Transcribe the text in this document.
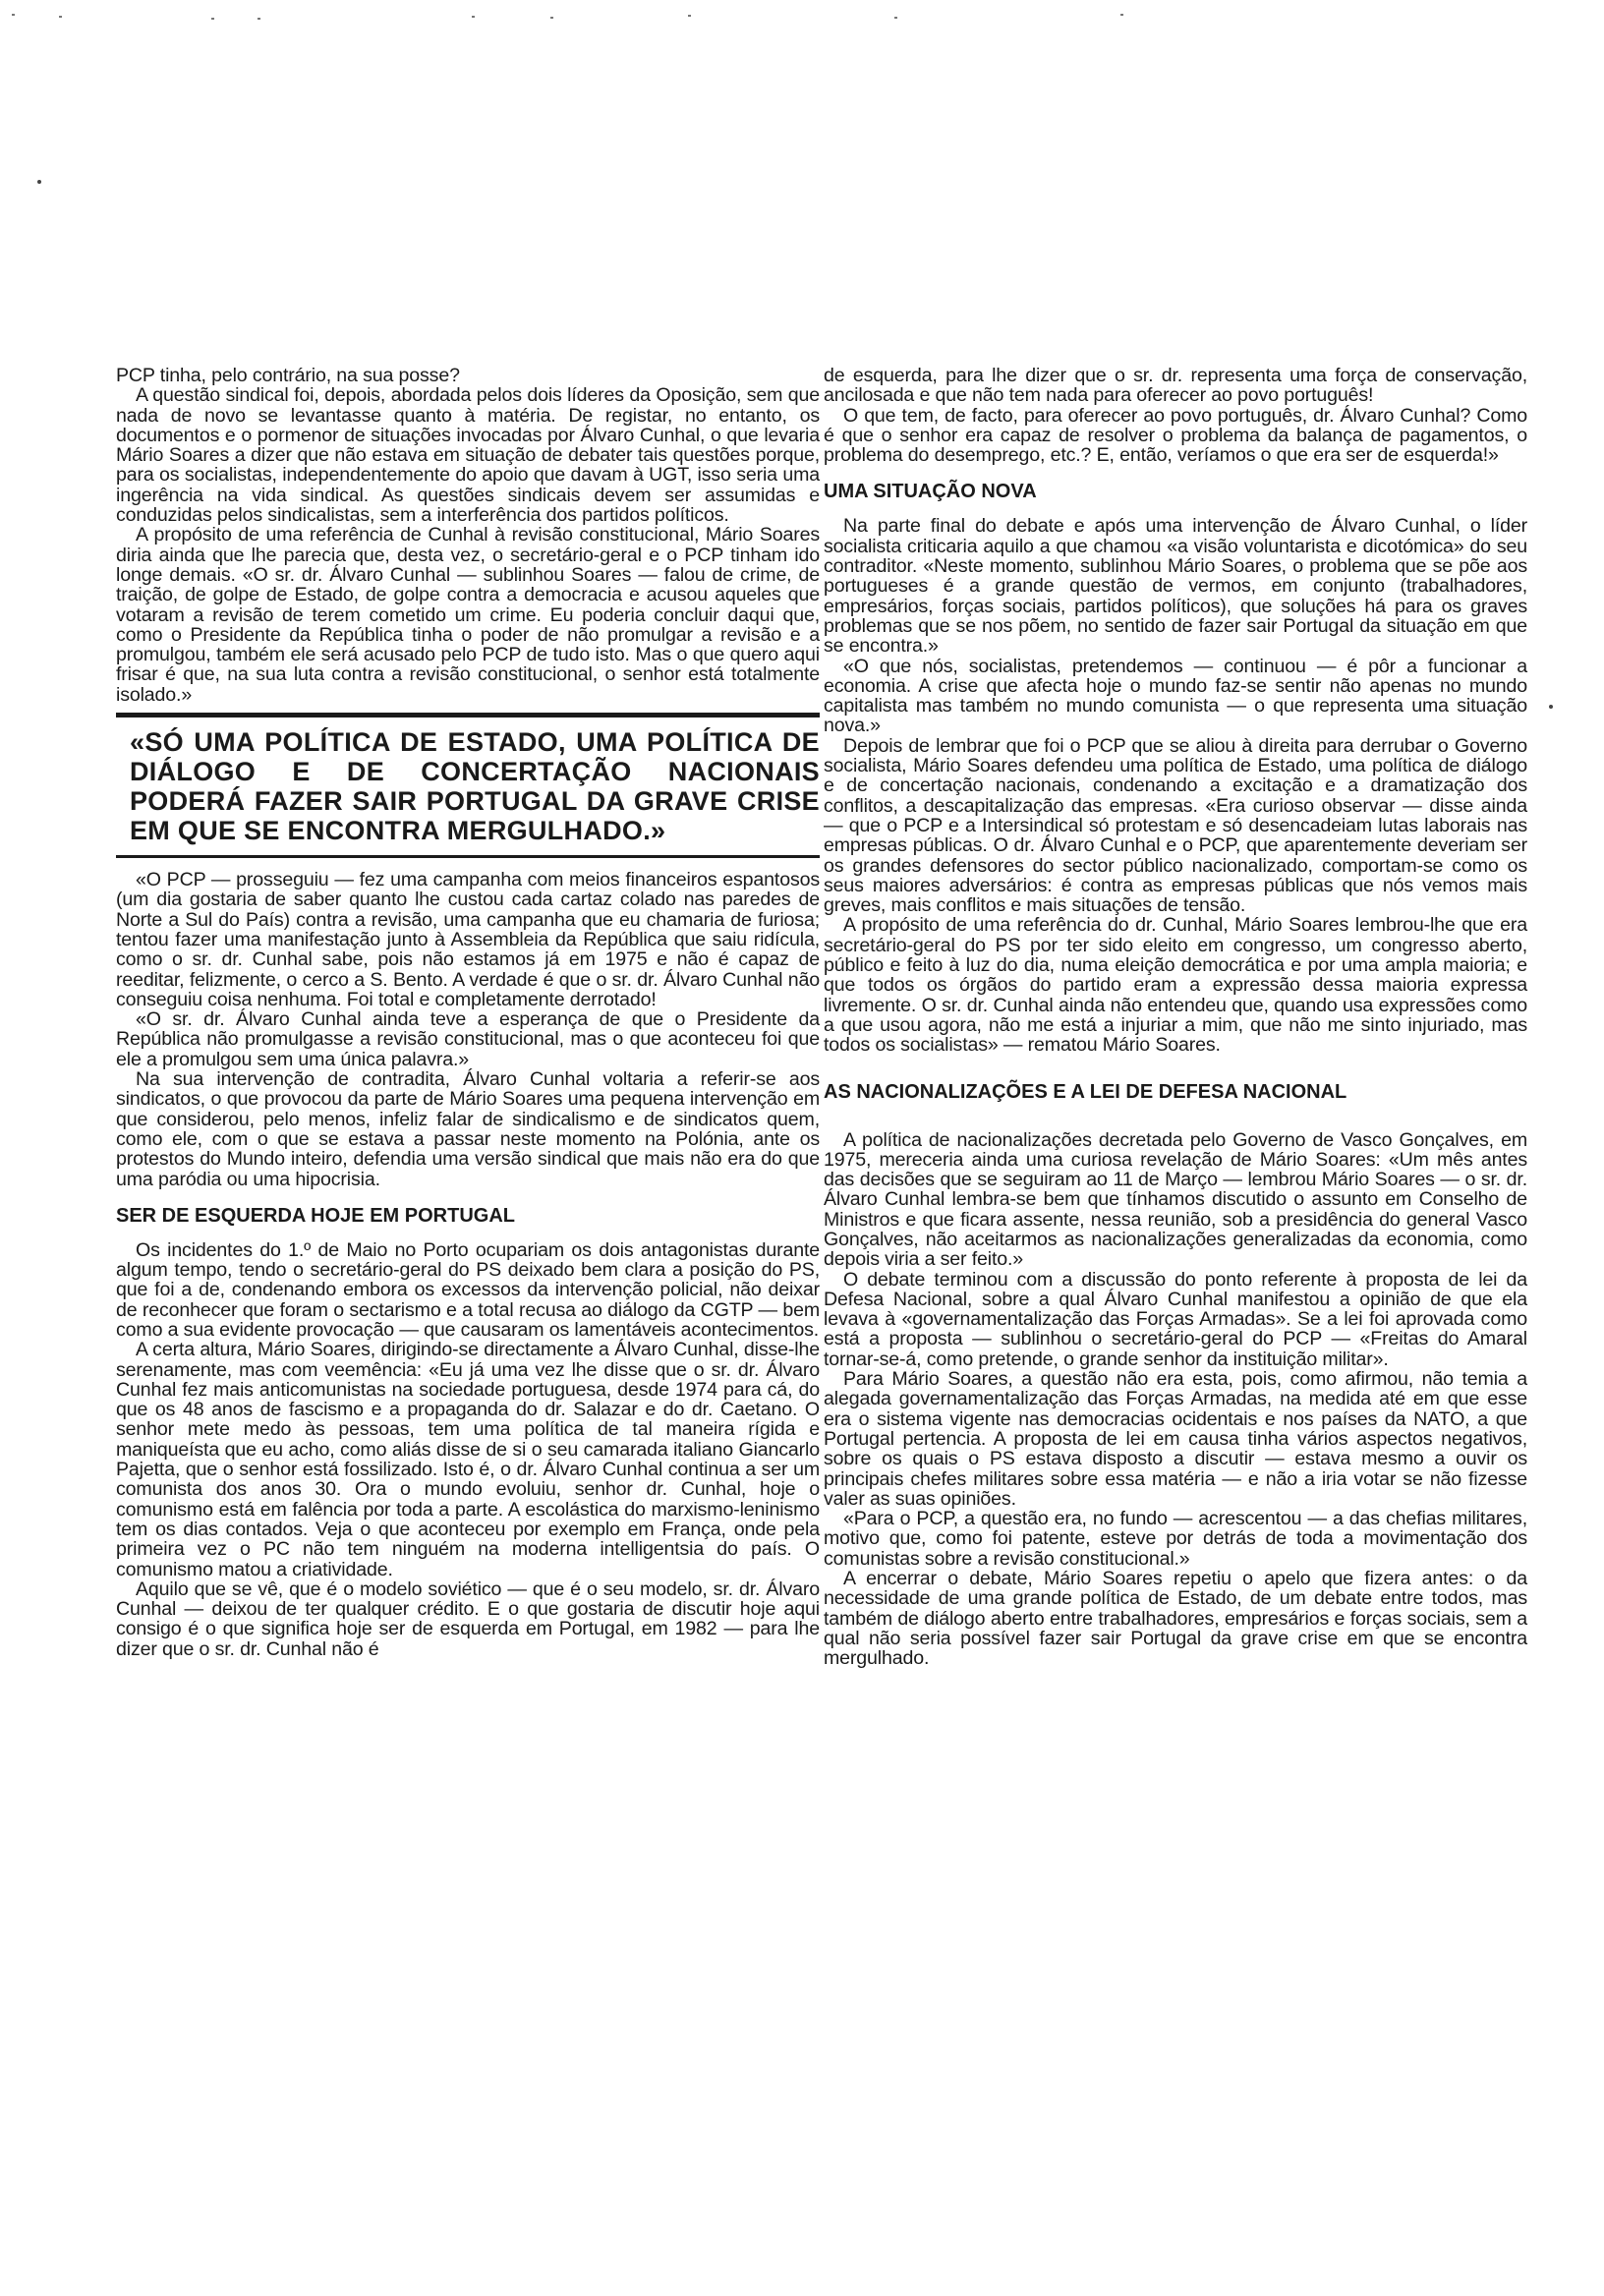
PCP tinha, pelo contrário, na sua posse?

A questão sindical foi, depois, abordada pelos dois líderes da Oposição, sem que nada de novo se levantasse quanto à matéria. De registar, no entanto, os documentos e o pormenor de situações invocadas por Álvaro Cunhal, o que levaria Mário Soares a dizer que não estava em situação de debater tais questões porque, para os socialistas, independentemente do apoio que davam à UGT, isso seria uma ingerência na vida sindical. As questões sindicais devem ser assumidas e conduzidas pelos sindicalistas, sem a interferência dos partidos políticos.

A propósito de uma referência de Cunhal à revisão constitucional, Mário Soares diria ainda que lhe parecia que, desta vez, o secretário-geral e o PCP tinham ido longe demais. «O sr. dr. Álvaro Cunhal — sublinhou Soares — falou de crime, de traição, de golpe de Estado, de golpe contra a democracia e acusou aqueles que votaram a revisão de terem cometido um crime. Eu poderia concluir daqui que, como o Presidente da República tinha o poder de não promulgar a revisão e a promulgou, também ele será acusado pelo PCP de tudo isto. Mas o que quero aqui frisar é que, na sua luta contra a revisão constitucional, o senhor está totalmente isolado.»

«SÓ UMA POLÍTICA DE ESTADO, UMA POLÍTICA DE DIÁLOGO E DE CONCERTAÇÃO NACIONAIS PODERÁ FAZER SAIR PORTUGAL DA GRAVE CRISE EM QUE SE ENCONTRA MERGULHADO.»

«O PCP — prosseguiu — fez uma campanha com meios financeiros espantosos (um dia gostaria de saber quanto lhe custou cada cartaz colado nas paredes de Norte a Sul do País) contra a revisão, uma campanha que eu chamaria de furiosa; tentou fazer uma manifestação junto à Assembleia da República que saiu ridícula, como o sr. dr. Cunhal sabe, pois não estamos já em 1975 e não é capaz de reeditar, felizmente, o cerco a S. Bento. A verdade é que o sr. dr. Álvaro Cunhal não conseguiu coisa nenhuma. Foi total e completamente derrotado!

«O sr. dr. Álvaro Cunhal ainda teve a esperança de que o Presidente da República não promulgasse a revisão constitucional, mas o que aconteceu foi que ele a promulgou sem uma única palavra.»

Na sua intervenção de contradita, Álvaro Cunhal voltaria a referir-se aos sindicatos, o que provocou da parte de Mário Soares uma pequena intervenção em que considerou, pelo menos, infeliz falar de sindicalismo e de sindicatos quem, como ele, com o que se estava a passar neste momento na Polónia, ante os protestos do Mundo inteiro, defendia uma versão sindical que mais não era do que uma paródia ou uma hipocrisia.

SER DE ESQUERDA HOJE EM PORTUGAL

Os incidentes do 1.º de Maio no Porto ocupariam os dois antagonistas durante algum tempo, tendo o secretário-geral do PS deixado bem clara a posição do PS, que foi a de, condenando embora os excessos da intervenção policial, não deixar de reconhecer que foram o sectarismo e a total recusa ao diálogo da CGTP — bem como a sua evidente provocação — que causaram os lamentáveis acontecimentos.

A certa altura, Mário Soares, dirigindo-se directamente a Álvaro Cunhal, disse-lhe serenamente, mas com veemência: «Eu já uma vez lhe disse que o sr. dr. Álvaro Cunhal fez mais anticomunistas na sociedade portuguesa, desde 1974 para cá, do que os 48 anos de fascismo e a propaganda do dr. Salazar e do dr. Caetano. O senhor mete medo às pessoas, tem uma política de tal maneira rígida e maniqueísta que eu acho, como aliás disse de si o seu camarada italiano Giancarlo Pajetta, que o senhor está fossilizado. Isto é, o dr. Álvaro Cunhal continua a ser um comunista dos anos 30. Ora o mundo evoluiu, senhor dr. Cunhal, hoje o comunismo está em falência por toda a parte. A escolástica do marxismo-leninismo tem os dias contados. Veja o que aconteceu por exemplo em França, onde pela primeira vez o PC não tem ninguém na moderna intelligentsia do país. O comunismo matou a criatividade.

Aquilo que se vê, que é o modelo soviético — que é o seu modelo, sr. dr. Álvaro Cunhal — deixou de ter qualquer crédito. E o que gostaria de discutir hoje aqui consigo é o que significa hoje ser de esquerda em Portugal, em 1982 — para lhe dizer que o sr. dr. Cunhal não é

de esquerda, para lhe dizer que o sr. dr. representa uma força de conservação, ancilosada e que não tem nada para oferecer ao povo português!

O que tem, de facto, para oferecer ao povo português, dr. Álvaro Cunhal? Como é que o senhor era capaz de resolver o problema da balança de pagamentos, o problema do desemprego, etc.? E, então, veríamos o que era ser de esquerda!»

UMA SITUAÇÃO NOVA

Na parte final do debate e após uma intervenção de Álvaro Cunhal, o líder socialista criticaria aquilo a que chamou «a visão voluntarista e dicotómica» do seu contraditor. «Neste momento, sublinhou Mário Soares, o problema que se põe aos portugueses é a grande questão de vermos, em conjunto (trabalhadores, empresários, forças sociais, partidos políticos), que soluções há para os graves problemas que se nos põem, no sentido de fazer sair Portugal da situação em que se encontra.»

«O que nós, socialistas, pretendemos — continuou — é pôr a funcionar a economia. A crise que afecta hoje o mundo faz-se sentir não apenas no mundo capitalista mas também no mundo comunista — o que representa uma situação nova.»

Depois de lembrar que foi o PCP que se aliou à direita para derrubar o Governo socialista, Mário Soares defendeu uma política de Estado, uma política de diálogo e de concertação nacionais, condenando a excitação e a dramatização dos conflitos, a descapitalização das empresas. «Era curioso observar — disse ainda — que o PCP e a Intersindical só protestam e só desencadeiam lutas laborais nas empresas públicas. O dr. Álvaro Cunhal e o PCP, que aparentemente deveriam ser os grandes defensores do sector público nacionalizado, comportam-se como os seus maiores adversários: é contra as empresas públicas que nós vemos mais greves, mais conflitos e mais situações de tensão.

A propósito de uma referência do dr. Cunhal, Mário Soares lembrou-lhe que era secretário-geral do PS por ter sido eleito em congresso, um congresso aberto, público e feito à luz do dia, numa eleição democrática e por uma ampla maioria; e que todos os órgãos do partido eram a expressão dessa maioria expressa livremente. O sr. dr. Cunhal ainda não entendeu que, quando usa expressões como a que usou agora, não me está a injuriar a mim, que não me sinto injuriado, mas todos os socialistas» — rematou Mário Soares.

AS NACIONALIZAÇÕES E A LEI DE DEFESA NACIONAL

A política de nacionalizações decretada pelo Governo de Vasco Gonçalves, em 1975, mereceria ainda uma curiosa revelação de Mário Soares: «Um mês antes das decisões que se seguiram ao 11 de Março — lembrou Mário Soares — o sr. dr. Álvaro Cunhal lembra-se bem que tínhamos discutido o assunto em Conselho de Ministros e que ficara assente, nessa reunião, sob a presidência do general Vasco Gonçalves, não aceitarmos as nacionalizações generalizadas da economia, como depois viria a ser feito.»

O debate terminou com a discussão do ponto referente à proposta de lei da Defesa Nacional, sobre a qual Álvaro Cunhal manifestou a opinião de que ela levava à «governamentalização das Forças Armadas». Se a lei foi aprovada como está a proposta — sublinhou o secretário-geral do PCP — «Freitas do Amaral tornar-se-á, como pretende, o grande senhor da instituição militar».

Para Mário Soares, a questão não era esta, pois, como afirmou, não temia a alegada governamentalização das Forças Armadas, na medida até em que esse era o sistema vigente nas democracias ocidentais e nos países da NATO, a que Portugal pertencia. A proposta de lei em causa tinha vários aspectos negativos, sobre os quais o PS estava disposto a discutir — estava mesmo a ouvir os principais chefes militares sobre essa matéria — e não a iria votar se não fizesse valer as suas opiniões.

«Para o PCP, a questão era, no fundo — acrescentou — a das chefias militares, motivo que, como foi patente, esteve por detrás de toda a movimentação dos comunistas sobre a revisão constitucional.»

A encerrar o debate, Mário Soares repetiu o apelo que fizera antes: o da necessidade de uma grande política de Estado, de um debate entre todos, mas também de diálogo aberto entre trabalhadores, empresários e forças sociais, sem a qual não seria possível fazer sair Portugal da grave crise em que se encontra mergulhado.
